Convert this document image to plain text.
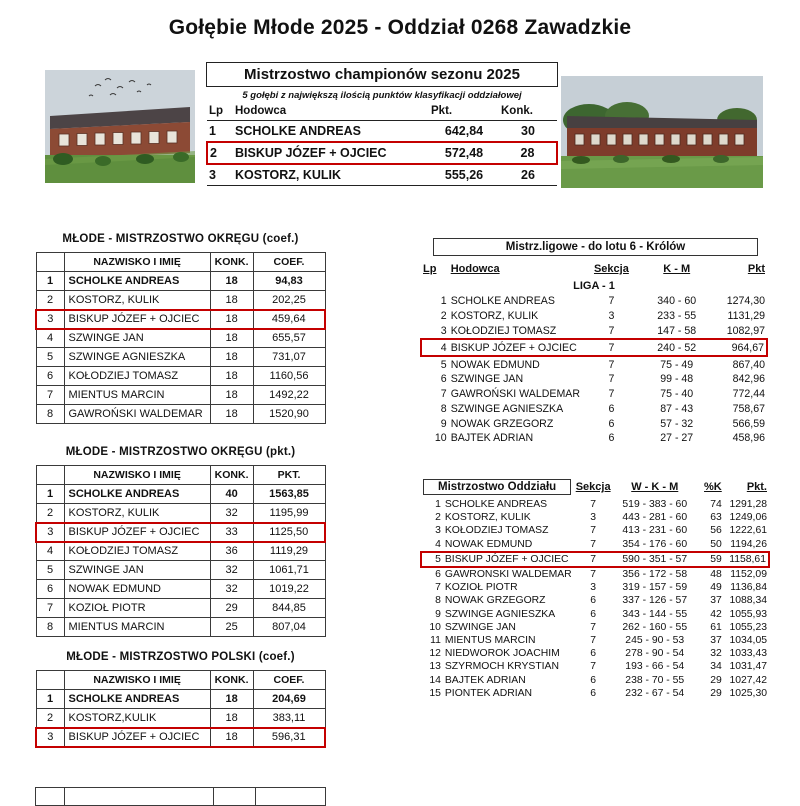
Gołębie Młode 2025 - Oddział 0268 Zawadzkie
Mistrzostwo championów sezonu 2025
5 gołębi z największą ilością punktów klasyfikacji oddziałowej
Lp	Hodowca	Pkt.	Konk.
1	SCHOLKE ANDREAS	642,84	30
2	BISKUP JÓZEF + OJCIEC	572,48	28
3	KOSTORZ, KULIK	555,26	26
MŁODE - MISTRZOSTWO OKRĘGU (coef.)
	NAZWISKO I IMIĘ	KONK.	COEF.
1	SCHOLKE ANDREAS	18	94,83
2	KOSTORZ, KULIK	18	202,25
3	BISKUP JÓZEF + OJCIEC	18	459,64
4	SZWINGE JAN	18	655,57
5	SZWINGE AGNIESZKA	18	731,07
6	KOŁODZIEJ TOMASZ	18	1160,56
7	MIENTUS MARCIN	18	1492,22
8	GAWROŃSKI WALDEMAR	18	1520,90
MŁODE - MISTRZOSTWO OKRĘGU (pkt.)
	NAZWISKO I IMIĘ	KONK.	PKT.
1	SCHOLKE ANDREAS	40	1563,85
2	KOSTORZ, KULIK	32	1195,99
3	BISKUP JÓZEF + OJCIEC	33	1125,50
4	KOŁODZIEJ TOMASZ	36	1119,29
5	SZWINGE JAN	32	1061,71
6	NOWAK EDMUND	32	1019,22
7	KOZIOŁ PIOTR	29	844,85
8	MIENTUS MARCIN	25	807,04
MŁODE - MISTRZOSTWO POLSKI (coef.)
	NAZWISKO I IMIĘ	KONK.	COEF.
1	SCHOLKE ANDREAS	18	204,69
2	KOSTORZ,KULIK	18	383,11
3	BISKUP JÓZEF + OJCIEC	18	596,31
Mistrz.ligowe - do lotu 6 - Królów
Lp	Hodowca	Sekcja	K - M	Pkt
LIGA - 1				
1	SCHOLKE ANDREAS	7	340 - 60	1274,30
2	KOSTORZ, KULIK	3	233 - 55	1131,29
3	KOŁODZIEJ TOMASZ	7	147 - 58	1082,97
4	BISKUP JÓZEF + OJCIEC	7	240 - 52	964,67
5	NOWAK EDMUND	7	75 - 49	867,40
6	SZWINGE JAN	7	99 - 48	842,96
7	GAWROŃSKI WALDEMAR	7	75 - 40	772,44
8	SZWINGE AGNIESZKA	6	87 - 43	758,67
9	NOWAK GRZEGORZ	6	57 - 32	566,59
10	BAJTEK ADRIAN	6	27 - 27	458,96
Mistrzostwo Oddziału		Sekcja	W - K - M	%K	Pkt.
1	SCHOLKE ANDREAS	7	519 - 383 - 60	74	1291,28
2	KOSTORZ, KULIK	3	443 - 281 - 60	63	1249,06
3	KOŁODZIEJ TOMASZ	7	413 - 231 - 60	56	1222,61
4	NOWAK EDMUND	7	354 - 176 - 60	50	1194,26
5	BISKUP JÓZEF + OJCIEC	7	590 - 351 - 57	59	1158,61
6	GAWRONSKI WALDEMAR	7	356 - 172 - 58	48	1152,09
7	KOZIOŁ PIOTR	3	319 - 157 - 59	49	1136,84
8	NOWAK GRZEGORZ	6	337 - 126 - 57	37	1088,34
9	SZWINGE AGNIESZKA	6	343 - 144 - 55	42	1055,93
10	SZWINGE JAN	7	262 - 160 - 55	61	1055,23
11	MIENTUS MARCIN	7	245 - 90 - 53	37	1034,05
12	NIEDWOROK JOACHIM	6	278 - 90 - 54	32	1033,43
13	SZYRMOCH KRYSTIAN	7	193 - 66 - 54	34	1031,47
14	BAJTEK ADRIAN	6	238 - 70 - 55	29	1027,42
15	PIONTEK ADRIAN	6	232 - 67 - 54	29	1025,30
